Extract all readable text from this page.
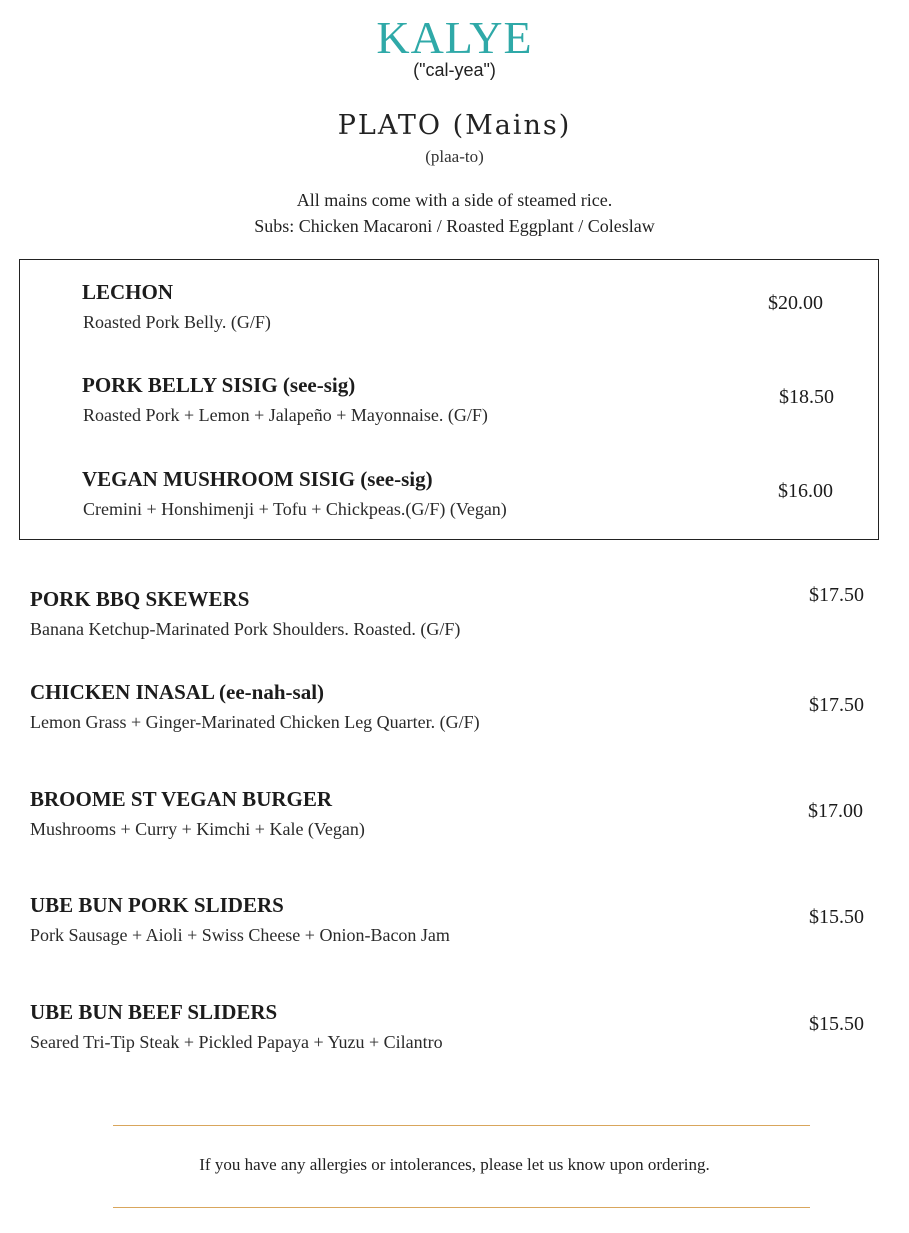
KALYE
("cal-yea")
PLATO (Mains)
(plaa-to)
All mains come with a side of steamed rice.
Subs: Chicken Macaroni / Roasted Eggplant / Coleslaw
LECHON
Roasted Pork Belly. (G/F)
$20.00
PORK BELLY SISIG (see-sig)
Roasted Pork + Lemon + Jalapeño + Mayonnaise. (G/F)
$18.50
VEGAN MUSHROOM SISIG (see-sig)
Cremini + Honshimenji + Tofu + Chickpeas.(G/F) (Vegan)
$16.00
PORK BBQ SKEWERS
Banana Ketchup-Marinated Pork Shoulders. Roasted. (G/F)
$17.50
CHICKEN INASAL (ee-nah-sal)
Lemon Grass + Ginger-Marinated Chicken Leg Quarter. (G/F)
$17.50
BROOME ST VEGAN BURGER
Mushrooms + Curry + Kimchi + Kale (Vegan)
$17.00
UBE BUN PORK SLIDERS
Pork Sausage + Aioli + Swiss Cheese + Onion-Bacon Jam
$15.50
UBE BUN BEEF SLIDERS
Seared Tri-Tip Steak + Pickled Papaya + Yuzu + Cilantro
$15.50
If you have any allergies or intolerances, please let us know upon ordering.
